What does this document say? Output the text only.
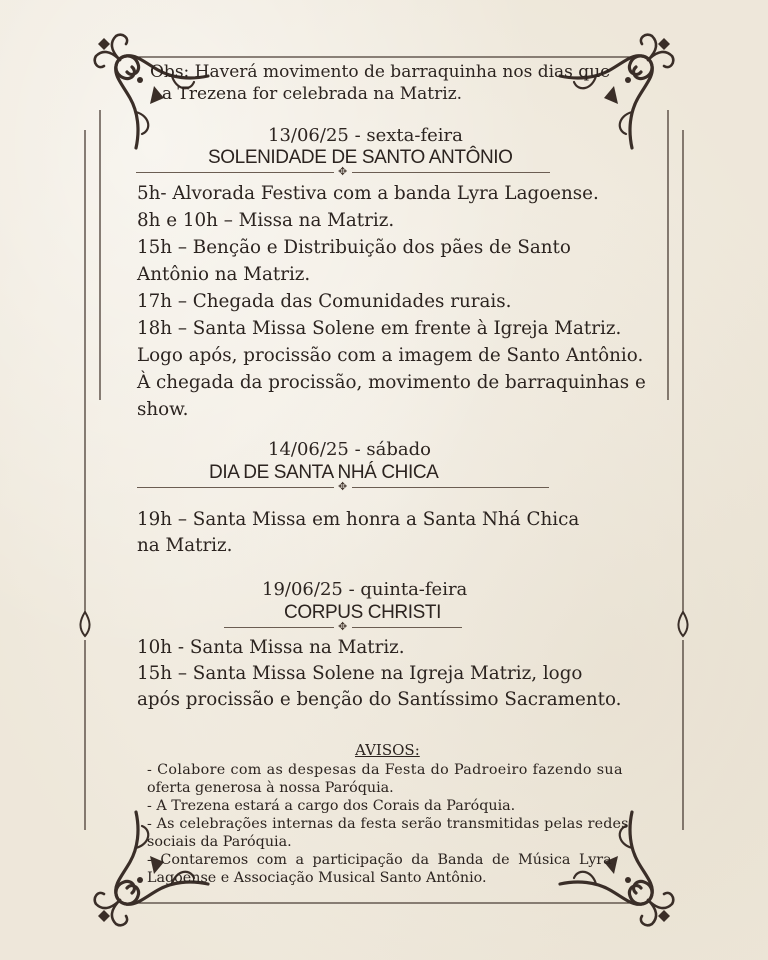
Obs: Haverá movimento de barraquinha nos dias que
a Trezena for celebrada na Matriz.
13/06/25 - sexta-feira
SOLENIDADE DE SANTO ANTÔNIO
✥
5h- Alvorada Festiva com a banda Lyra Lagoense.
8h e 10h – Missa na Matriz.
15h – Benção e Distribuição dos pães de Santo
Antônio na Matriz.
17h – Chegada das Comunidades rurais.
18h – Santa Missa Solene em frente à Igreja Matriz.
Logo após, procissão com a imagem de Santo Antônio.
À chegada da procissão, movimento de barraquinhas e
show.
14/06/25 - sábado
DIA DE SANTA NHÁ CHICA
✥
19h – Santa Missa em honra a Santa Nhá Chica
na Matriz.
19/06/25 - quinta-feira
CORPUS CHRISTI
✥
10h - Santa Missa na Matriz.
15h – Santa Missa Solene na Igreja Matriz, logo
após procissão e benção do Santíssimo Sacramento.
AVISOS:
- Colabore com as despesas da Festa do Padroeiro fazendo sua
oferta generosa à nossa Paróquia.
- A Trezena estará a cargo dos Corais da Paróquia.
- As celebrações internas da festa serão transmitidas pelas redes
sociais da Paróquia.
- Contaremos com a participação da Banda de Música Lyra
Lagoense e Associação Musical Santo Antônio.
